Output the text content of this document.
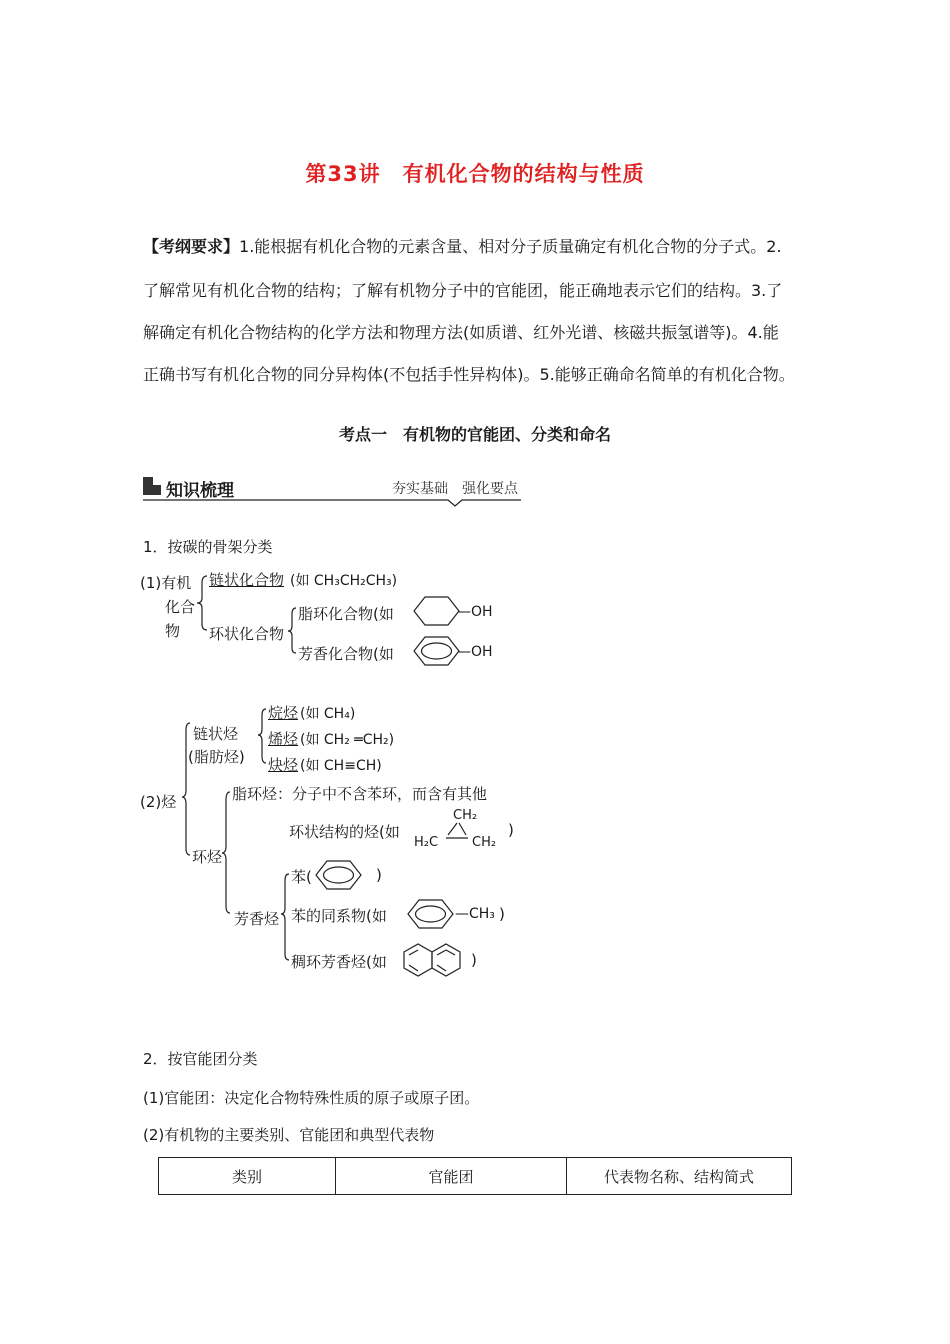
第33讲　有机化合物的结构与性质
【考纲要求】1.能根据有机化合物的元素含量、相对分子质量确定有机化合物的分子式。2.
了解常见有机化合物的结构；了解有机物分子中的官能团，能正确地表示它们的结构。3.了
解确定有机化合物结构的化学方法和物理方法(如质谱、红外光谱、核磁共振氢谱等)。4.能
正确书写有机化合物的同分异构体(不包括手性异构体)。5.能够正确命名简单的有机化合物。
考点一　有机物的官能团、分类和命名
知识梳理	夯实基础　强化要点
1．按碳的骨架分类
(1)有机
化合
物
链状化合物 (如 CH₃CH₂CH₃)
环状化合物
脂环化合物(如	—OH
芳香化合物(如	—OH
(2)烃
链状烃
(脂肪烃)
烷烃 (如 CH₄)
烯烃 (如 CH₂ ═CH₂)
炔烃 (如 CH≡CH)
环烃
脂环烃：分子中不含苯环，而含有其他
环状结构的烃(如
CH₂
H₂C	CH₂
)
芳香烃
苯(	)
苯的同系物(如	—CH₃ )
稠环芳香烃(如	)
2．按官能团分类
(1)官能团：决定化合物特殊性质的原子或原子团。
(2)有机物的主要类别、官能团和典型代表物
类别	官能团	代表物名称、结构简式
